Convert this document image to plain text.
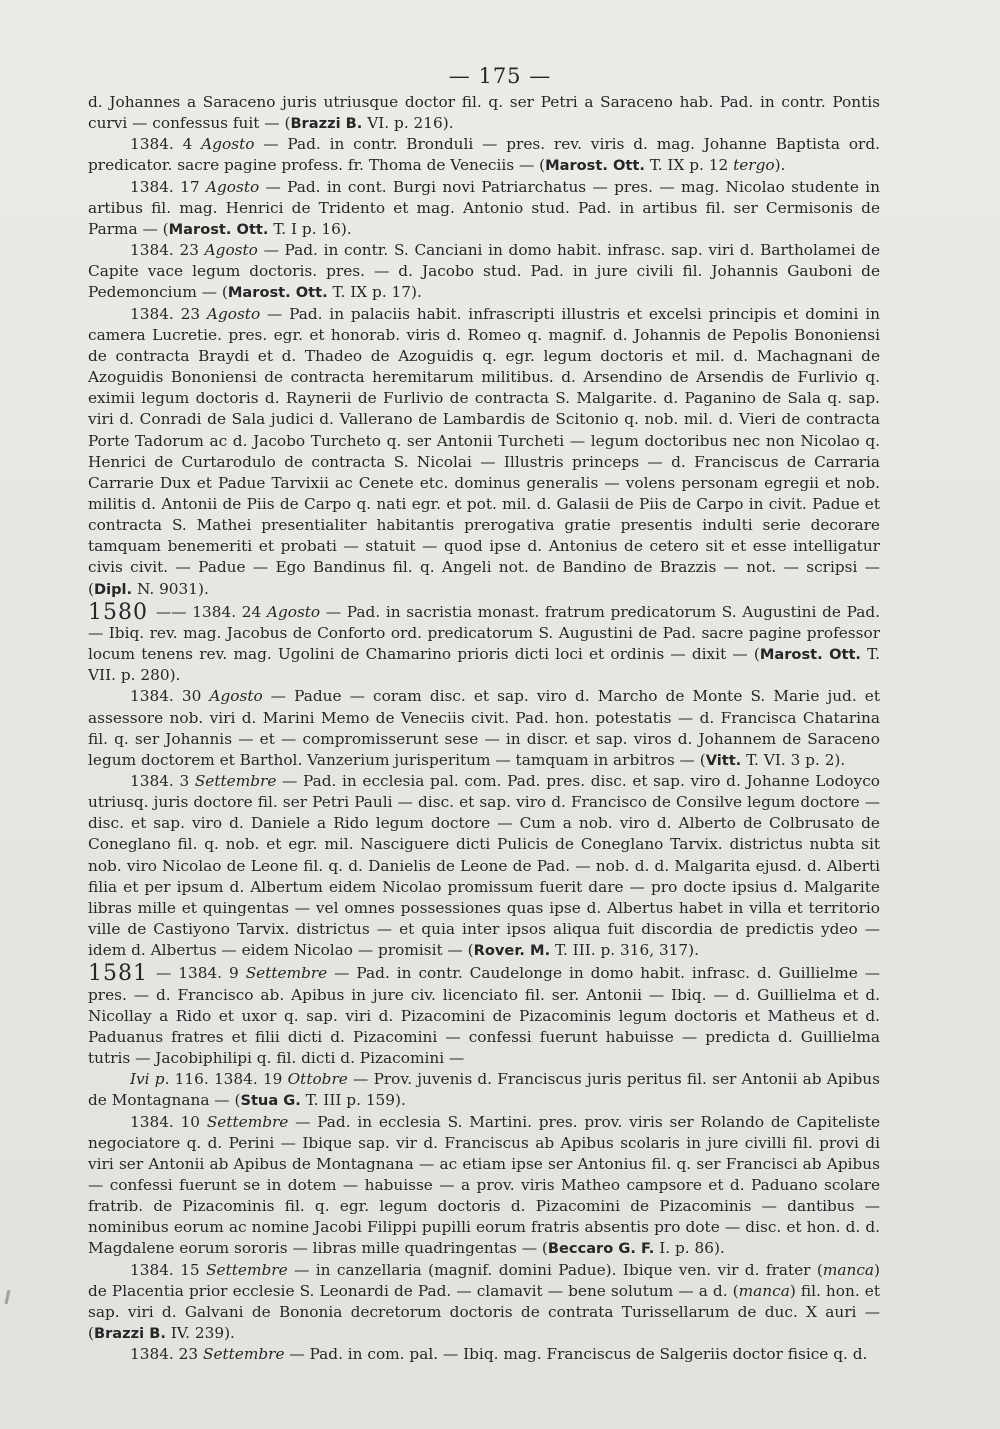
— 175 —

d. Johannes a Saraceno juris utriusque doctor fil. q. ser Petri a Saraceno hab. Pad. in contr. Pontis curvi — confessus fuit — (Brazzi B. VI. p. 216).

1384. 4 Agosto — Pad. in contr. Bronduli — pres. rev. viris d. mag. Johanne Baptista ord. predicator. sacre pagine profess. fr. Thoma de Veneciis — (Marost. Ott. T. IX p. 12 tergo).

1384. 17 Agosto — Pad. in cont. Burgi novi Patriarchatus — pres. — mag. Nicolao studente in artibus fil. mag. Henrici de Tridento et mag. Antonio stud. Pad. in artibus fil. ser Cermisonis de Parma — (Marost. Ott. T. I p. 16).

1384. 23 Agosto — Pad. in contr. S. Canciani in domo habit. infrasc. sap. viri d. Bartholamei de Capite vace legum doctoris. pres. — d. Jacobo stud. Pad. in jure civili fil. Johannis Gauboni de Pedemoncium — (Marost. Ott. T. IX p. 17).

1384. 23 Agosto — Pad. in palaciis habit. infrascripti illustris et excelsi principis et domini in camera Lucretie. pres. egr. et honorab. viris d. Romeo q. magnif. d. Johannis de Pepolis Bononiensi de contracta Braydi et d. Thadeo de Azoguidis q. egr. legum doctoris et mil. d. Machagnani de Azoguidis Bononiensi de contracta heremitarum militibus. d. Arsendino de Arsendis de Furlivio q. eximii legum doctoris d. Raynerii de Furlivio de contracta S. Malgarite. d. Paganino de Sala q. sap. viri d. Conradi de Sala judici d. Vallerano de Lambardis de Scitonio q. nob. mil. d. Vieri de contracta Porte Tadorum ac d. Jacobo Turcheto q. ser Antonii Turcheti — legum doctoribus nec non Nicolao q. Henrici de Curtarodulo de contracta S. Nicolai — Illustris princeps — d. Franciscus de Carraria Carrarie Dux et Padue Tarvixii ac Cenete etc. dominus generalis — volens personam egregii et nob. militis d. Antonii de Piis de Carpo q. nati egr. et pot. mil. d. Galasii de Piis de Carpo in civit. Padue et contracta S. Mathei presentialiter habitantis prerogativa gratie presentis indulti serie decorare tamquam benemeriti et probati — statuit — quod ipse d. Antonius de cetero sit et esse intelligatur civis civit. — Padue — Ego Bandinus fil. q. Angeli not. de Bandino de Brazzis — not. — scripsi — (Dipl. N. 9031).

1580 —— 1384. 24 Agosto — Pad. in sacristia monast. fratrum predicatorum S. Augustini de Pad. — Ibiq. rev. mag. Jacobus de Conforto ord. predicatorum S. Augustini de Pad. sacre pagine professor locum tenens rev. mag. Ugolini de Chamarino prioris dicti loci et ordinis — dixit — (Marost. Ott. T. VII. p. 280).

1384. 30 Agosto — Padue — coram disc. et sap. viro d. Marcho de Monte S. Marie jud. et assessore nob. viri d. Marini Memo de Veneciis civit. Pad. hon. potestatis — d. Francisca Chatarina fil. q. ser Johannis — et — compromisserunt sese — in discr. et sap. viros d. Johannem de Saraceno legum doctorem et Barthol. Vanzerium jurisperitum — tamquam in arbitros — (Vitt. T. VI. 3 p. 2).

1384. 3 Settembre — Pad. in ecclesia pal. com. Pad. pres. disc. et sap. viro d. Johanne Lodoyco utriusq. juris doctore fil. ser Petri Pauli — disc. et sap. viro d. Francisco de Consilve legum doctore — disc. et sap. viro d. Daniele a Rido legum doctore — Cum a nob. viro d. Alberto de Colbrusato de Coneglano fil. q. nob. et egr. mil. Nasciguere dicti Pulicis de Coneglano Tarvix. districtus nubta sit nob. viro Nicolao de Leone fil. q. d. Danielis de Leone de Pad. — nob. d. d. Malgarita ejusd. d. Alberti filia et per ipsum d. Albertum eidem Nicolao promissum fuerit dare — pro docte ipsius d. Malgarite libras mille et quingentas — vel omnes possessiones quas ipse d. Albertus habet in villa et territorio ville de Castiyono Tarvix. districtus — et quia inter ipsos aliqua fuit discordia de predictis ydeo — idem d. Albertus — eidem Nicolao — promisit — (Rover. M. T. III. p. 316, 317).

1581 — 1384. 9 Settembre — Pad. in contr. Caudelonge in domo habit. infrasc. d. Guillielme — pres. — d. Francisco ab. Apibus in jure civ. licenciato fil. ser. Antonii — Ibiq. — d. Guillielma et d. Nicollay a Rido et uxor q. sap. viri d. Pizacomini de Pizacominis legum doctoris et Matheus et d. Paduanus fratres et filii dicti d. Pizacomini — confessi fuerunt habuisse — predicta d. Guillielma tutris — Jacobiphilipi q. fil. dicti d. Pizacomini —

Ivi p. 116. 1384. 19 Ottobre — Prov. juvenis d. Franciscus juris peritus fil. ser Antonii ab Apibus de Montagnana — (Stua G. T. III p. 159).

1384. 10 Settembre — Pad. in ecclesia S. Martini. pres. prov. viris ser Rolando de Capiteliste negociatore q. d. Perini — Ibique sap. vir d. Franciscus ab Apibus scolaris in jure civilli fil. provi di viri ser Antonii ab Apibus de Montagnana — ac etiam ipse ser Antonius fil. q. ser Francisci ab Apibus — confessi fuerunt se in dotem — habuisse — a prov. viris Matheo campsore et d. Paduano scolare fratrib. de Pizacominis fil. q. egr. legum doctoris d. Pizacomini de Pizacominis — dantibus — nominibus eorum ac nomine Jacobi Filippi pupilli eorum fratris absentis pro dote — disc. et hon. d. d. Magdalene eorum sororis — libras mille quadringentas — (Beccaro G. F. I. p. 86).

1384. 15 Settembre — in canzellaria (magnif. domini Padue). Ibique ven. vir d. frater (manca) de Placentia prior ecclesie S. Leonardi de Pad. — clamavit — bene solutum — a d. (manca) fil. hon. et sap. viri d. Galvani de Bononia decretorum doctoris de contrata Turissellarum de duc. X auri — (Brazzi B. IV. 239).

1384. 23 Settembre — Pad. in com. pal. — Ibiq. mag. Franciscus de Salgeriis doctor fisice q. d.
